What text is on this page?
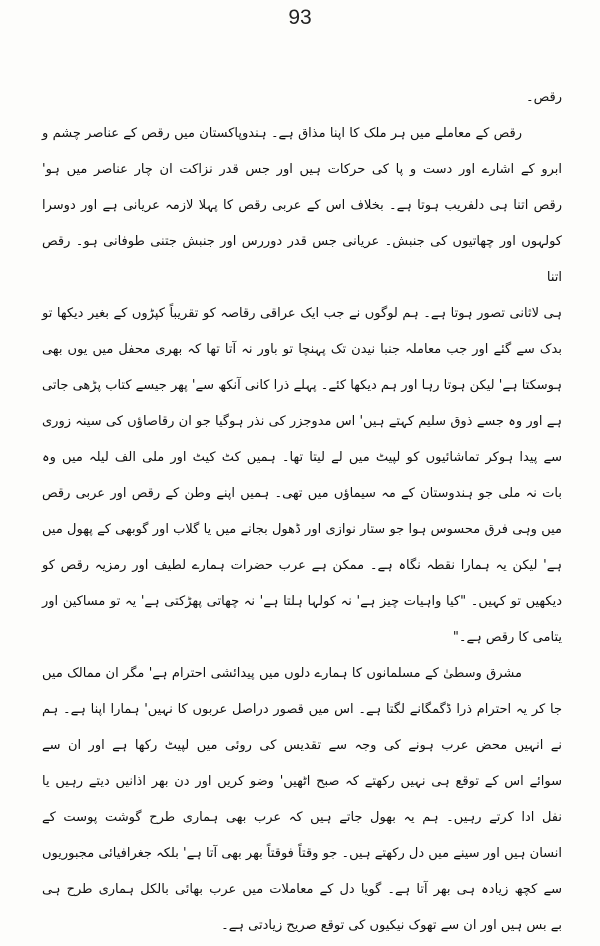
93
رقص۔
رقص کے معاملے میں ہر ملک کا اپنا مذاق ہے۔ ہندوپاکستان میں رقص کے عناصر چشم و
ابرو کے اشارے اور دست و پا کی حرکات ہیں اور جس قدر نزاکت ان چار عناصر میں ہو'
رقص اتنا ہی دلفریب ہوتا ہے۔ بخلاف اس کے عربی رقص کا پہلا لازمہ عریانی ہے اور دوسرا
کولہوں اور چھاتیوں کی جنبش۔ عریانی جس قدر دوررس اور جنبش جتنی طوفانی ہو۔ رقص اتنا
ہی لاثانی تصور ہوتا ہے۔ ہم لوگوں نے جب ایک عراقی رقاصہ کو تقریباً کپڑوں کے بغیر دیکھا تو
بدک سے گئے اور جب معاملہ جنبا نیدن تک پہنچا تو باور نہ آتا تھا کہ بھری محفل میں یوں بھی
ہوسکتا ہے' لیکن ہوتا رہا اور ہم دیکھا کئے۔ پہلے ذرا کانی آنکھ سے' پھر جیسے کتاب پڑھی جاتی
ہے اور وہ جسے ذوق سلیم کہتے ہیں' اس مدوجزر کی نذر ہوگیا جو ان رقاصاؤں کی سینہ زوری
سے پیدا ہوکر تماشائیوں کو لپیٹ میں لے لیتا تھا۔ ہمیں کٹ کیٹ اور ملی الف لیلہ میں وہ
بات نہ ملی جو ہندوستان کے مہ سیماؤں میں تھی۔ ہمیں اپنے وطن کے رقص اور عربی رقص
میں وہی فرق محسوس ہوا جو ستار نوازی اور ڈھول بجانے میں یا گلاب اور گوبھی کے پھول میں
ہے' لیکن یہ ہمارا نقطہ نگاہ ہے۔ ممکن ہے عرب حضرات ہمارے لطیف اور رمزیہ رقص کو
دیکھیں تو کہیں۔ "کیا واہیات چیز ہے' نہ کولہا ہلتا ہے' نہ چھاتی پھڑکتی ہے' یہ تو مساکین اور
یتامی کا رقص ہے۔"
مشرق وسطیٰ کے مسلمانوں کا ہمارے دلوں میں پیدائشی احترام ہے' مگر ان ممالک میں
جا کر یہ احترام ذرا ڈگمگانے لگتا ہے۔ اس میں قصور دراصل عربوں کا نہیں' ہمارا اپنا ہے۔ ہم
نے انہیں محض عرب ہونے کی وجہ سے تقدیس کی روئی میں لپیٹ رکھا ہے اور ان سے
سوائے اس کے توقع ہی نہیں رکھتے کہ صبح اٹھیں' وضو کریں اور دن بھر اذانیں دیتے رہیں یا
نفل ادا کرتے رہیں۔ ہم یہ بھول جاتے ہیں کہ عرب بھی ہماری طرح گوشت پوست کے
انسان ہیں اور سینے میں دل رکھتے ہیں۔ جو وقتاً فوقتاً بھر بھی آتا ہے' بلکہ جغرافیائی مجبوریوں
سے کچھ زیادہ ہی بھر آتا ہے۔ گویا دل کے معاملات میں عرب بھائی بالکل ہماری طرح ہی
بے بس ہیں اور ان سے تھوک نیکیوں کی توقع صریح زیادتی ہے۔
